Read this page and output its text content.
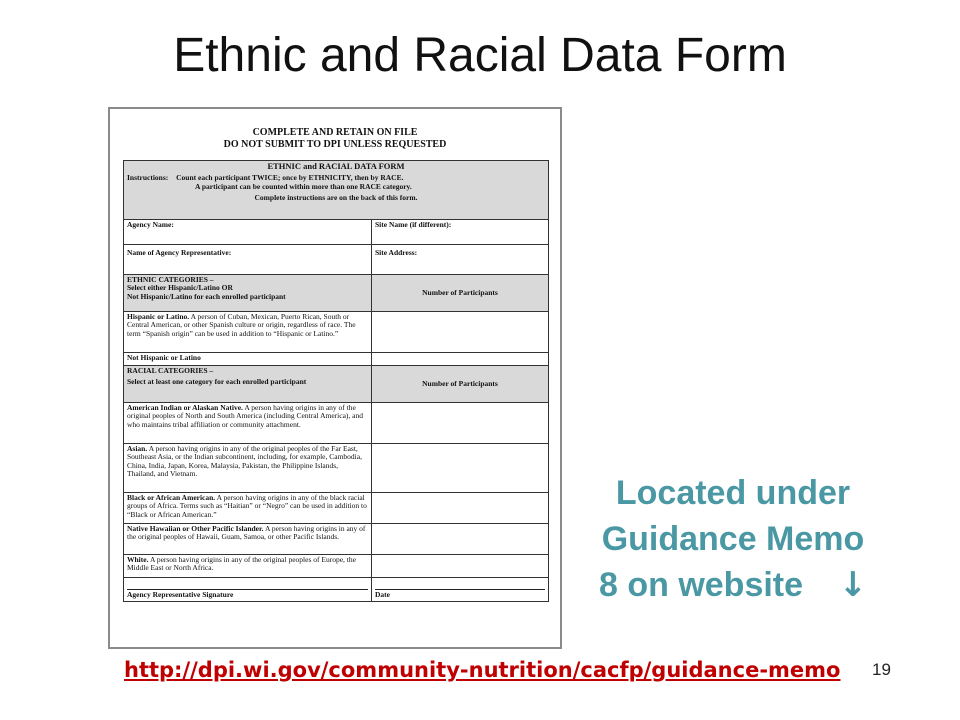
Ethnic and Racial Data Form
COMPLETE AND RETAIN ON FILE
DO NOT SUBMIT TO DPI UNLESS REQUESTED
ETHNIC and RACIAL DATA FORM
Instructions: Count each participant TWICE; once by ETHNICITY, then by RACE.
A participant can be counted within more than one RACE category.
Complete instructions are on the back of this form.	

Agency Name:	Site Name (if different):
Name of Agency Representative:	Site Address:

ETHNIC CATEGORIES –
Select either Hispanic/Latino OR
Not Hispanic/Latino for each enrolled participant	Number of Participants
Hispanic or Latino. A person of Cuban, Mexican, Puerto Rican, South or Central American, or other Spanish culture or origin, regardless of race. The term “Spanish origin” can be used in addition to “Hispanic or Latino.”	
Not Hispanic or Latino	

RACIAL CATEGORIES –
Select at least one category for each enrolled participant	Number of Participants
American Indian or Alaskan Native. A person having origins in any of the original peoples of North and South America (including Central America), and who maintains tribal affiliation or community attachment.	
Asian. A person having origins in any of the original peoples of the Far East, Southeast Asia, or the Indian subcontinent, including, for example, Cambodia, China, India, Japan, Korea, Malaysia, Pakistan, the Philippine Islands, Thailand, and Vietnam.	
Black or African American. A person having origins in any of the black racial groups of Africa. Terms such as “Haitian” or “Negro” can be used in addition to “Black or African American.”	
Native Hawaiian or Other Pacific Islander. A person having origins in any of the original peoples of Hawaii, Guam, Samoa, or other Pacific Islands.	
White. A person having origins in any of the original peoples of Europe, the Middle East or North Africa.	

Agency Representative Signature	Date
Located under
Guidance Memo
8 on website ↓
http://dpi.wi.gov/community-nutrition/cacfp/guidance-memo 19
